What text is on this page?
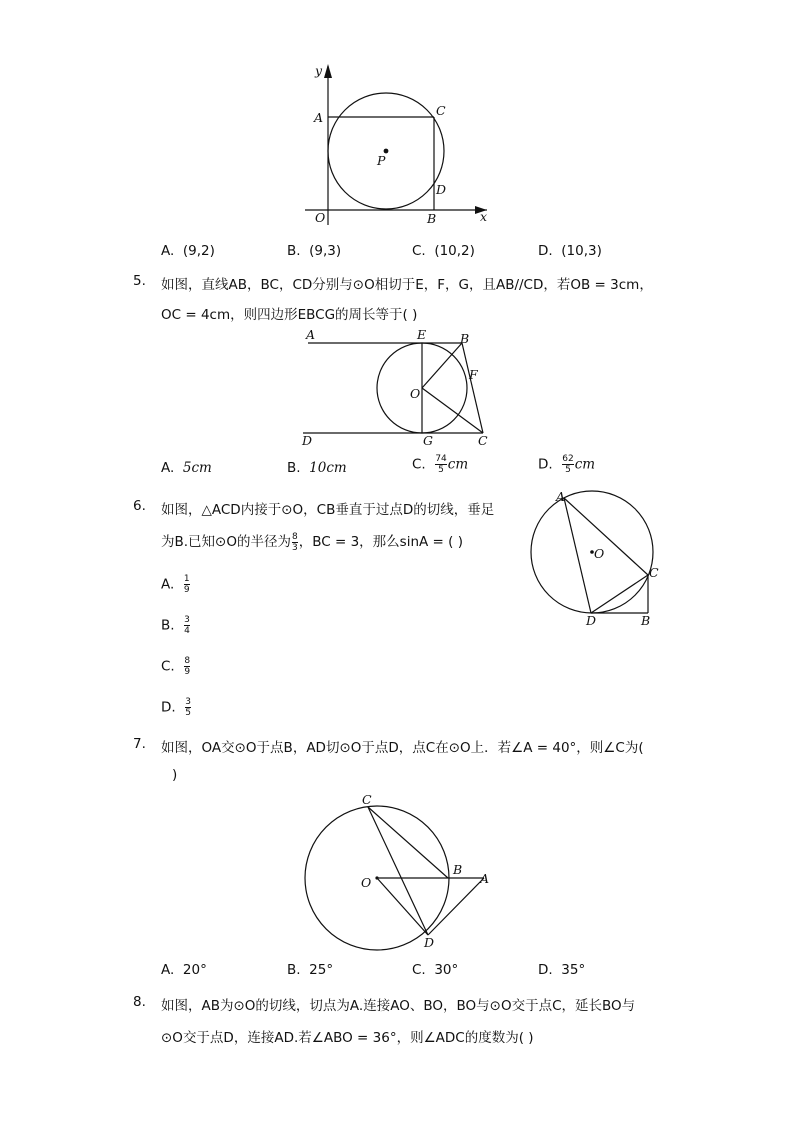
y
x
O
A	C
P
D
B
A. (9,2)	B. (9,3)	C. (10,2)	D. (10,3)
5. 如图，直线AB，BC，CD分别与⊙O相切于E，F，G，且AB//CD，若OB = 3cm，
OC = 4cm，则四边形EBCG的周长等于( )
A	E	B
F
O
D	G	C
A. 5cm	B. 10cm	C. $\frac{74}{5}$ cm	D. $\frac{62}{5}$ cm
6. 如图，△ACD内接于⊙O，CB垂直于过点D的切线，垂足
为B.已知⊙O的半径为 $\frac{8}{3}$ ，BC = 3，那么sinA = ( )
A
O
C
D	B
A. $\frac{1}{9}$
B. $\frac{3}{4}$
C. $\frac{8}{9}$
D. $\frac{3}{5}$
7. 如图，OA交⊙O于点B，AD切⊙O于点D，点C在⊙O上．若∠A = 40°，则∠C为(
)
C
B
A
O
D
A. 20°	B. 25°	C. 30°	D. 35°
8. 如图，AB为⊙O的切线，切点为A.连接AO、BO，BO与⊙O交于点C，延长BO与
⊙O交于点D，连接AD.若∠ABO = 36°，则∠ADC的度数为( )
